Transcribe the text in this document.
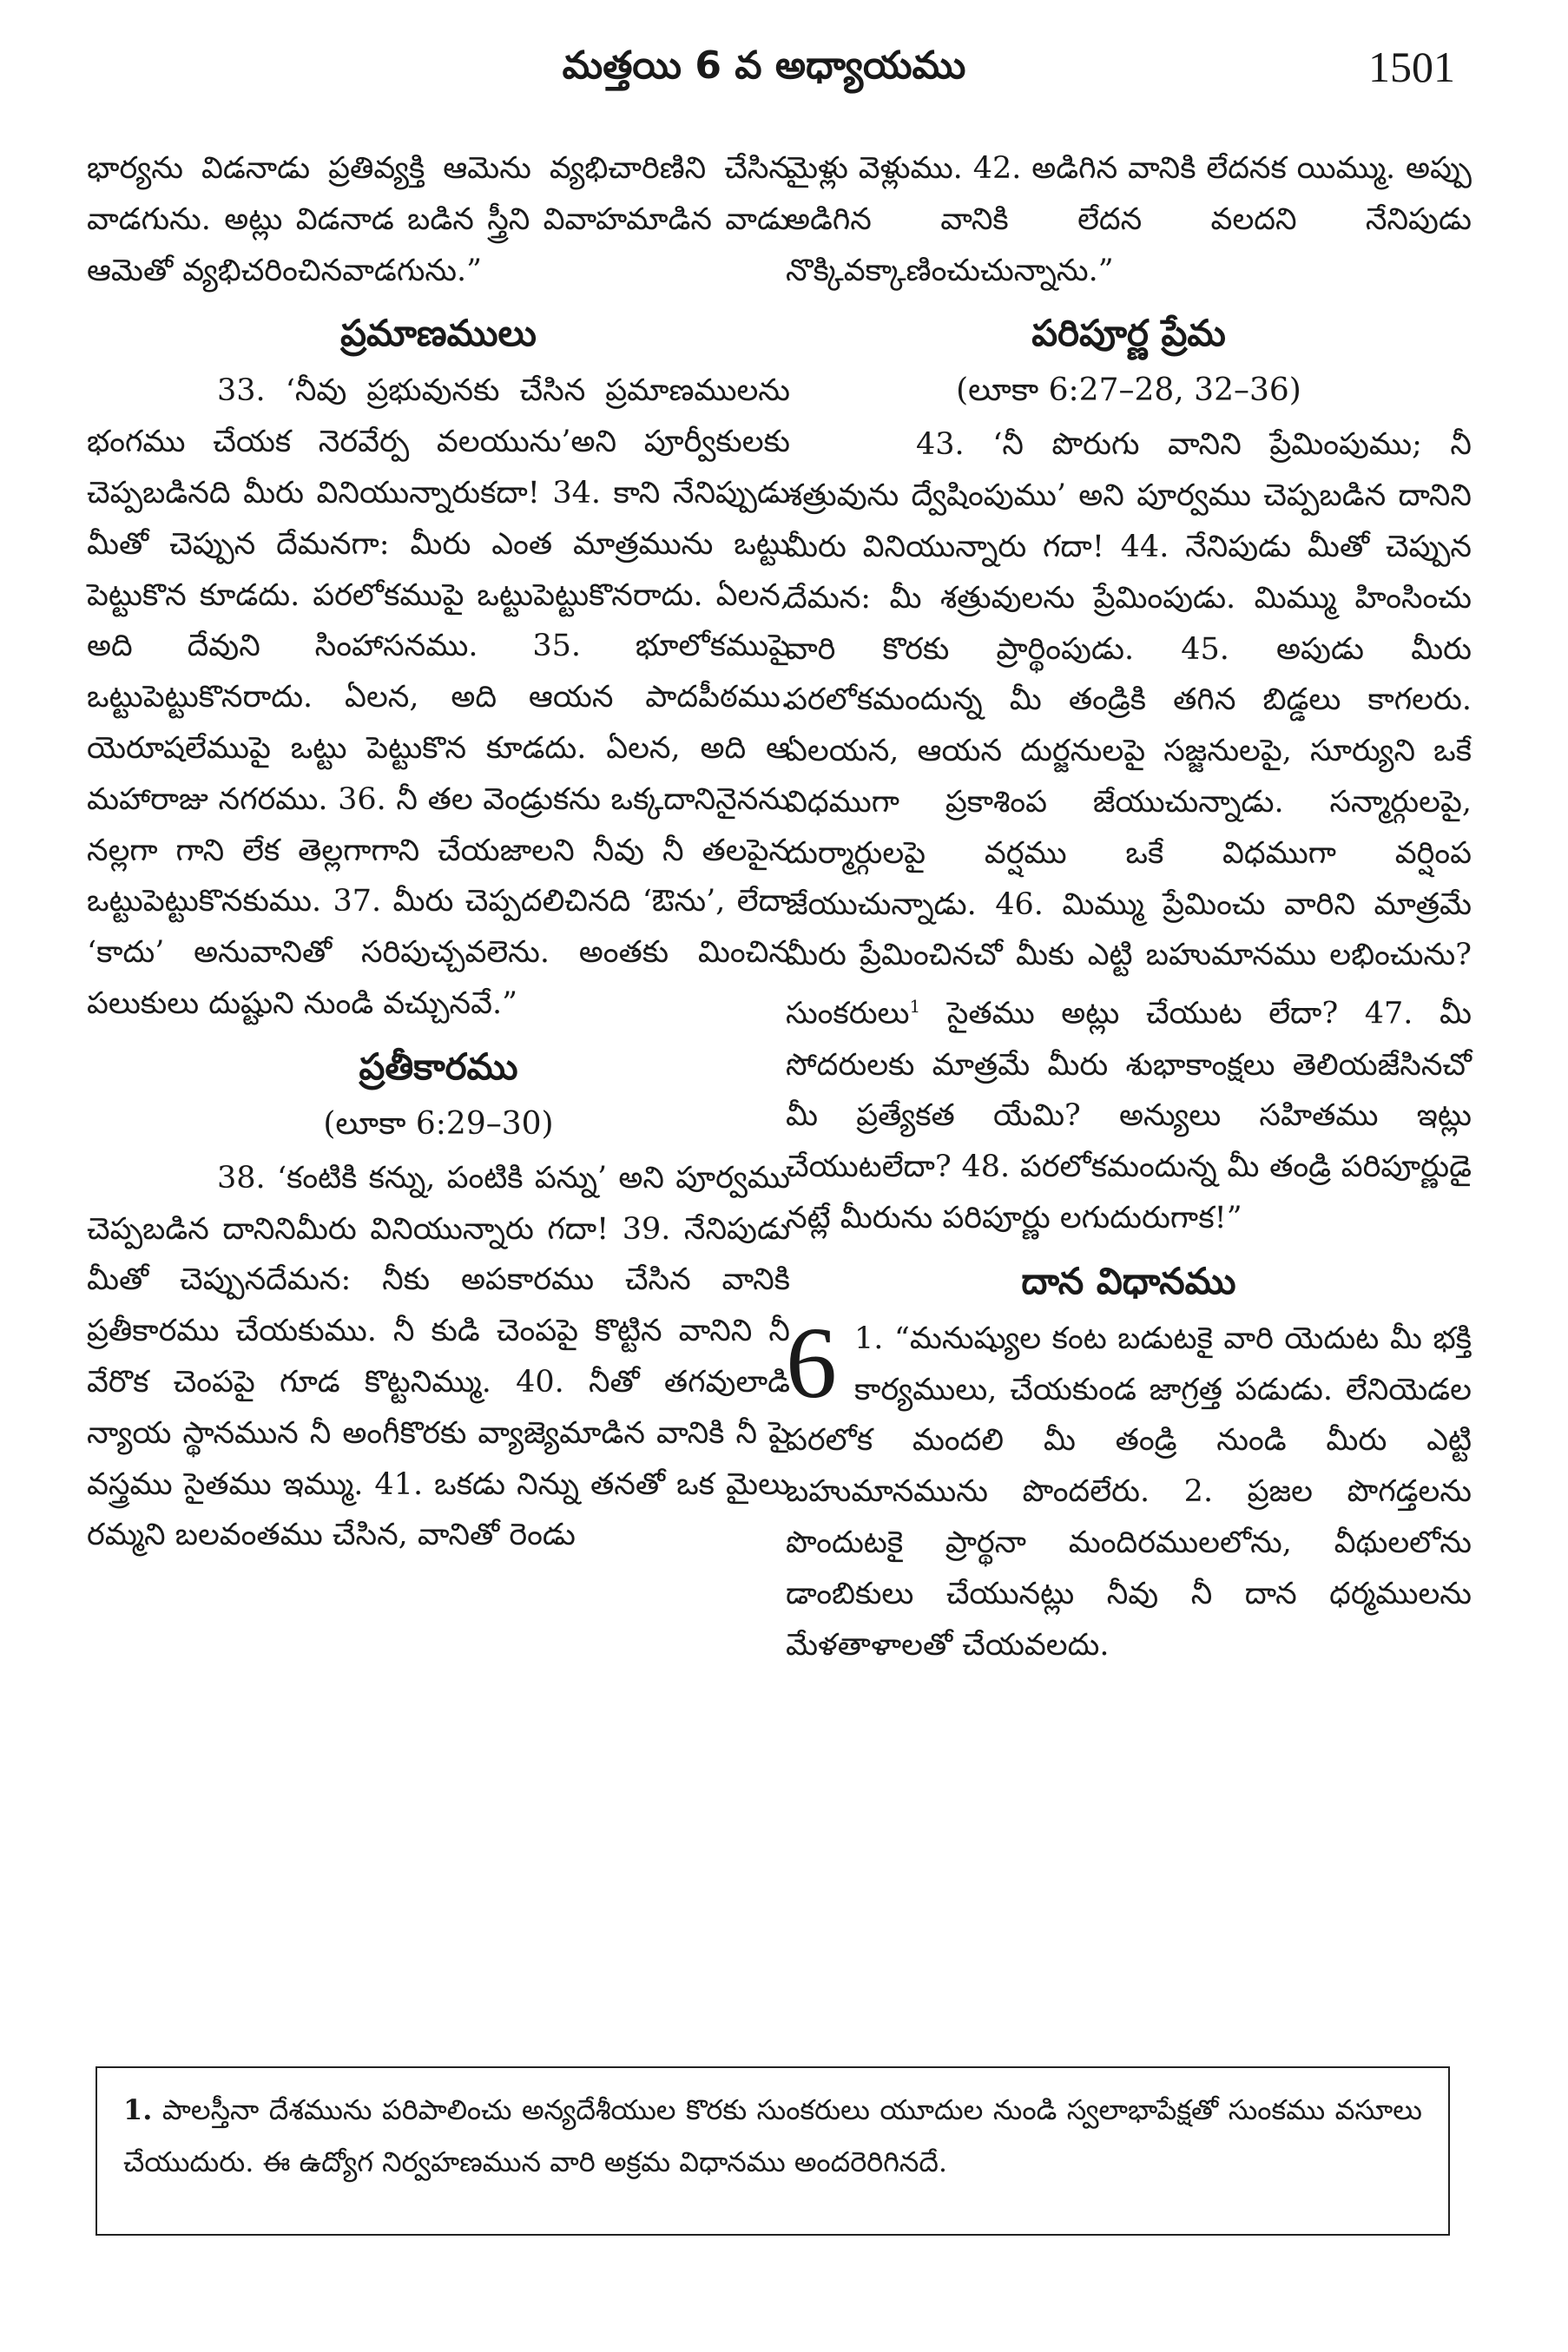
మత్తయి 6 వ అధ్యాయము	1501

భార్యను విడనాడు ప్రతివ్యక్తి ఆమెను వ్యభిచారిణిని చేసిన వాడగును. అట్లు విడనాడ బడిన స్త్రీని వివాహమాడిన వాడు ఆమెతో వ్యభిచరించినవాడగును.”

ప్రమాణములు

33. ‘నీవు ప్రభువునకు చేసిన ప్రమాణములను భంగము చేయక నెరవేర్ప వలయును’అని పూర్వీకులకు చెప్పబడినది మీరు వినియున్నారుకదా! 34. కాని నేనిప్పుడు మీతో చెప్పున దేమనగా: మీరు ఎంత మాత్రమును ఒట్టు పెట్టుకొన కూడదు. పరలోకముపై ఒట్టుపెట్టుకొనరాదు. ఏలన, అది దేవుని సింహాసనము. 35. భూలోకముపై ఒట్టుపెట్టుకొనరాదు. ఏలన, అది ఆయన పాదపీఠము. యెరూషలేముపై ఒట్టు పెట్టుకొన కూడదు. ఏలన, అది ఆ మహారాజు నగరము. 36. నీ తల వెండ్రుకను ఒక్కదానినైనను నల్లగా గాని లేక తెల్లగాగాని చేయజాలని నీవు నీ తలపైన ఒట్టుపెట్టుకొనకుము. 37. మీరు చెప్పదలిచినది ‘ఔను’, లేదా ‘కాదు’ అనువానితో సరిపుచ్చవలెను. అంతకు మించిన పలుకులు దుష్టుని నుండి వచ్చునవే.”

ప్రతీకారము
(లూకా 6:29–30)

38. ‘కంటికి కన్ను, పంటికి పన్ను’ అని పూర్వము చెప్పబడిన దానినిమీరు వినియున్నారు గదా! 39. నేనిపుడు మీతో చెప్పునదేమన: నీకు అపకారము చేసిన వానికి ప్రతీకారము చేయకుము. నీ కుడి చెంపపై కొట్టిన వానిని నీ వేరొక చెంపపై గూడ కొట్టనిమ్ము. 40. నీతో తగవులాడి న్యాయ స్థానమున నీ అంగీకొరకు వ్యాజ్యెమాడిన వానికి నీ పై వస్త్రము సైతము ఇమ్ము. 41. ఒకడు నిన్ను తనతో ఒక మైలు రమ్మని బలవంతము చేసిన, వానితో రెండు

మైళ్లు వెళ్లుము. 42. అడిగిన వానికి లేదనక యిమ్ము. అప్పు అడిగిన వానికి లేదన వలదని నేనిపుడు నొక్కివక్కాణించుచున్నాను.”

పరిపూర్ణ ప్రేమ
(లూకా 6:27–28, 32–36)

43. ‘నీ పొరుగు వానిని ప్రేమింపుము; నీ శత్రువును ద్వేషింపుము’ అని పూర్వము చెప్పబడిన దానిని మీరు వినియున్నారు గదా! 44. నేనిపుడు మీతో చెప్పున దేమన: మీ శత్రువులను ప్రేమింపుడు. మిమ్ము హింసించు వారి కొరకు ప్రార్థింపుడు. 45. అపుడు మీరు పరలోకమందున్న మీ తండ్రికి తగిన బిడ్డలు కాగలరు. ఏలయన, ఆయన దుర్జనులపై సజ్జనులపై, సూర్యుని ఒకే విధముగా ప్రకాశింప జేయుచున్నాడు. సన్మార్గులపై, దుర్మార్గులపై వర్షము ఒకే విధముగా వర్షింప జేయుచున్నాడు. 46. మిమ్ము ప్రేమించు వారిని మాత్రమే మీరు ప్రేమించినచో మీకు ఎట్టి బహుమానము లభించును? సుంకరులు$^1$ సైతము అట్లు చేయుట లేదా? 47. మీ సోదరులకు మాత్రమే మీరు శుభాకాంక్షలు తెలియజేసినచో మీ ప్రత్యేకత యేమి? అన్యులు సహితము ఇట్లు చేయుటలేదా? 48. పరలోకమందున్న మీ తండ్రి పరిపూర్ణుడై నట్లే మీరును పరిపూర్ణు లగుదురుగాక!”

దాన విధానము
6 1. “మనుష్యుల కంట బడుటకై వారి యెదుట మీ భక్తి కార్యములు, చేయకుండ జాగ్రత్త పడుడు. లేనియెడల పరలోక మందలి మీ తండ్రి నుండి మీరు ఎట్టి బహుమానమును పొందలేరు. 2. ప్రజల పొగడ్తలను పొందుటకై ప్రార్థనా మందిరములలోను, వీథులలోను డాంబికులు చేయునట్లు నీవు నీ దాన ధర్మములను మేళతాళాలతో చేయవలదు.

1. పాలస్తీనా దేశమును పరిపాలించు అన్యదేశీయుల కొరకు సుంకరులు యూదుల నుండి స్వలాభాపేక్షతో సుంకము వసూలు చేయుదురు. ఈ ఉద్యోగ నిర్వహణమున వారి అక్రమ విధానము అందరెరిగినదే.
